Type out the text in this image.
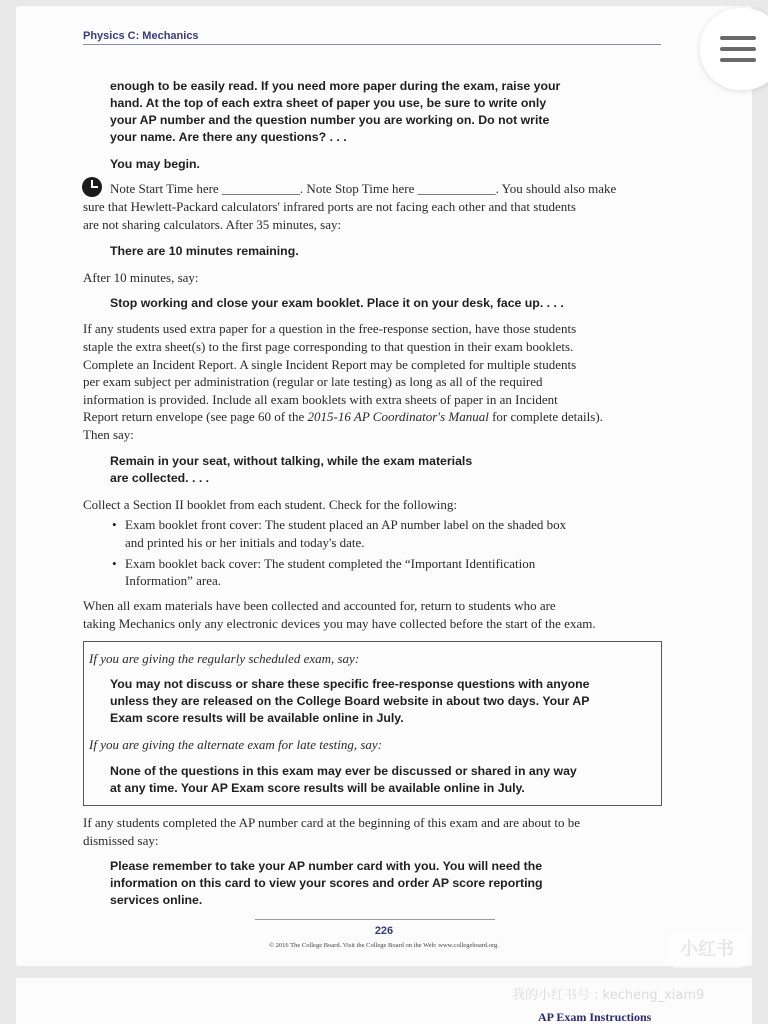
Physics C: Mechanics
enough to be easily read. If you need more paper during the exam, raise your
hand. At the top of each extra sheet of paper you use, be sure to write only
your AP number and the question number you are working on. Do not write
your name. Are there any questions? . . .
You may begin.
Note Start Time here ____________. Note Stop Time here ____________. You should also make
sure that Hewlett-Packard calculators' infrared ports are not facing each other and that students
are not sharing calculators. After 35 minutes, say:
There are 10 minutes remaining.
After 10 minutes, say:
Stop working and close your exam booklet. Place it on your desk, face up. . . .
If any students used extra paper for a question in the free-response section, have those students
staple the extra sheet(s) to the first page corresponding to that question in their exam booklets.
Complete an Incident Report. A single Incident Report may be completed for multiple students
per exam subject per administration (regular or late testing) as long as all of the required
information is provided. Include all exam booklets with extra sheets of paper in an Incident
Report return envelope (see page 60 of the 2015-16 AP Coordinator's Manual for complete details).
Then say:
Remain in your seat, without talking, while the exam materials
are collected. . . .
Collect a Section II booklet from each student. Check for the following:
• Exam booklet front cover: The student placed an AP number label on the shaded box
and printed his or her initials and today's date.
• Exam booklet back cover: The student completed the “Important Identification
Information” area.
When all exam materials have been collected and accounted for, return to students who are
taking Mechanics only any electronic devices you may have collected before the start of the exam.
If you are giving the regularly scheduled exam, say:
You may not discuss or share these specific free-response questions with anyone
unless they are released on the College Board website in about two days. Your AP
Exam score results will be available online in July.
If you are giving the alternate exam for late testing, say:
None of the questions in this exam may ever be discussed or shared in any way
at any time. Your AP Exam score results will be available online in July.
If any students completed the AP number card at the beginning of this exam and are about to be
dismissed say:
Please remember to take your AP number card with you. You will need the
information on this card to view your scores and order AP score reporting
services online.
226
© 2016 The College Board. Visit the College Board on the Web: www.collegeboard.org.	小红书
我的小红书号 : kecheng_xiam9
AP Exam Instructions
